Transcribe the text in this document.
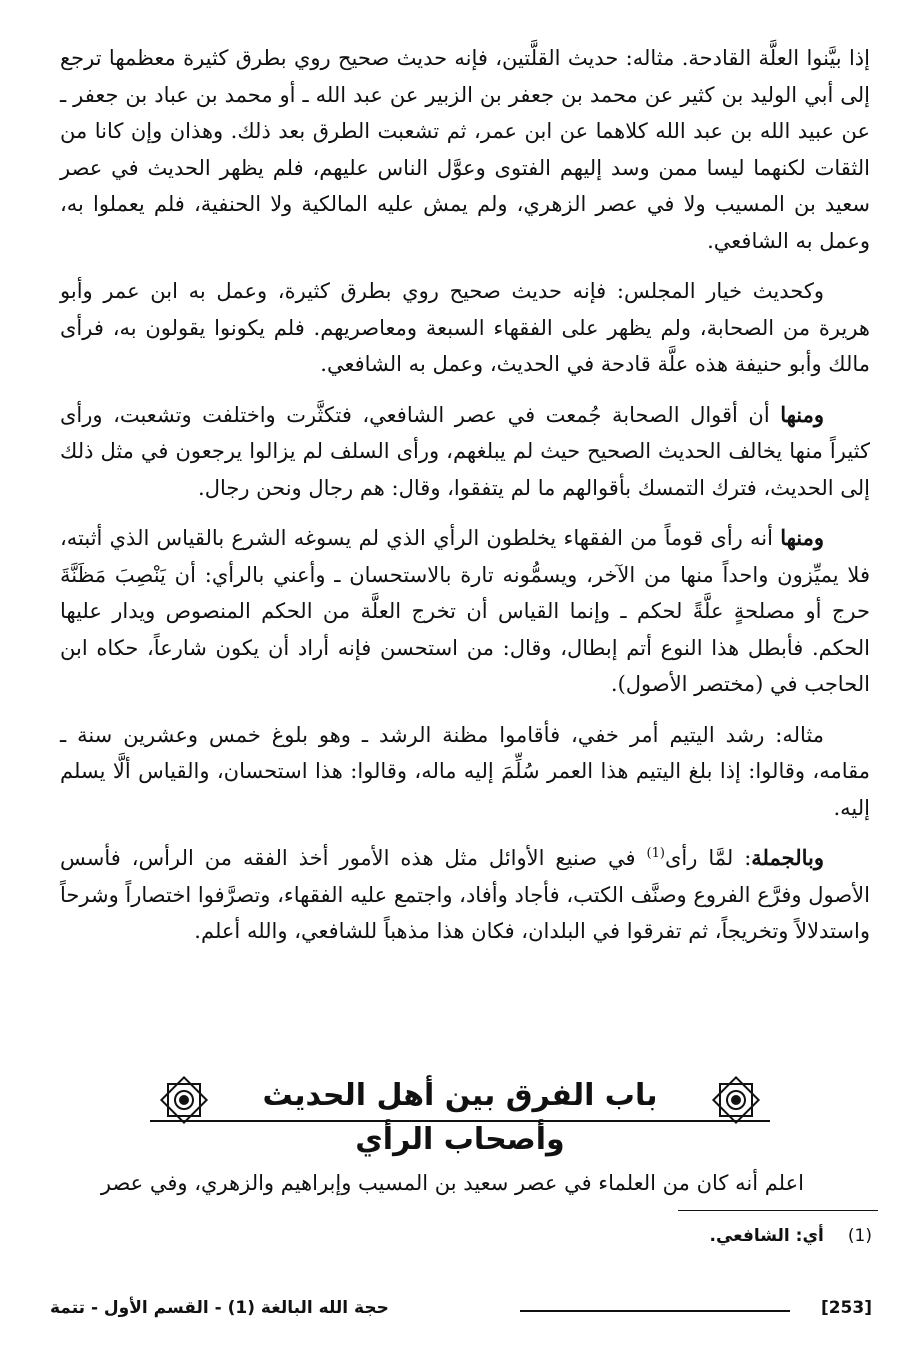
إذا بيَّنوا العلَّة القادحة. مثاله: حديث القلَّتين، فإنه حديث صحيح روي بطرق كثيرة معظمها ترجع إلى أبي الوليد بن كثير عن محمد بن جعفر بن الزبير عن عبد الله ـ أو محمد بن عباد بن جعفر ـ عن عبيد الله بن عبد الله كلاهما عن ابن عمر، ثم تشعبت الطرق بعد ذلك. وهذان وإن كانا من الثقات لكنهما ليسا ممن وسد إليهم الفتوى وعوَّل الناس عليهم، فلم يظهر الحديث في عصر سعيد بن المسيب ولا في عصر الزهري، ولم يمش عليه المالكية ولا الحنفية، فلم يعملوا به، وعمل به الشافعي.

وكحديث خيار المجلس: فإنه حديث صحيح روي بطرق كثيرة، وعمل به ابن عمر وأبو هريرة من الصحابة، ولم يظهر على الفقهاء السبعة ومعاصريهم. فلم يكونوا يقولون به، فرأى مالك وأبو حنيفة هذه علَّة قادحة في الحديث، وعمل به الشافعي.

ومنها أن أقوال الصحابة جُمعت في عصر الشافعي، فتكثَّرت واختلفت وتشعبت، ورأى كثيراً منها يخالف الحديث الصحيح حيث لم يبلغهم، ورأى السلف لم يزالوا يرجعون في مثل ذلك إلى الحديث، فترك التمسك بأقوالهم ما لم يتفقوا، وقال: هم رجال ونحن رجال.

ومنها أنه رأى قوماً من الفقهاء يخلطون الرأي الذي لم يسوغه الشرع بالقياس الذي أثبته، فلا يميِّزون واحداً منها من الآخر، ويسمُّونه تارة بالاستحسان ـ وأعني بالرأي: أن يَنْصِبَ مَظَنَّةَ حرج أو مصلحةٍ علَّةً لحكم ـ وإنما القياس أن تخرج العلَّة من الحكم المنصوص ويدار عليها الحكم. فأبطل هذا النوع أتم إبطال، وقال: من استحسن فإنه أراد أن يكون شارعاً، حكاه ابن الحاجب في (مختصر الأصول).

مثاله: رشد اليتيم أمر خفي، فأقاموا مظنة الرشد ـ وهو بلوغ خمس وعشرين سنة ـ مقامه، وقالوا: إذا بلغ اليتيم هذا العمر سُلِّمَ إليه ماله، وقالوا: هذا استحسان، والقياس ألَّا يسلم إليه.

وبالجملة: لمَّا رأى$^{(1)}$ في صنيع الأوائل مثل هذه الأمور أخذ الفقه من الرأس، فأسس الأصول وفرَّع الفروع وصنَّف الكتب، فأجاد وأفاد، واجتمع عليه الفقهاء، وتصرَّفوا اختصاراً وشرحاً واستدلالاً وتخريجاً، ثم تفرقوا في البلدان، فكان هذا مذهباً للشافعي، والله أعلم.

باب الفرق بين أهل الحديث وأصحاب الرأي
اعلم أنه كان من العلماء في عصر سعيد بن المسيب وإبراهيم والزهري، وفي عصر
(1)أي: الشافعي.
[253]
حجة الله البالغة (1) - القسم الأول - تتمة
